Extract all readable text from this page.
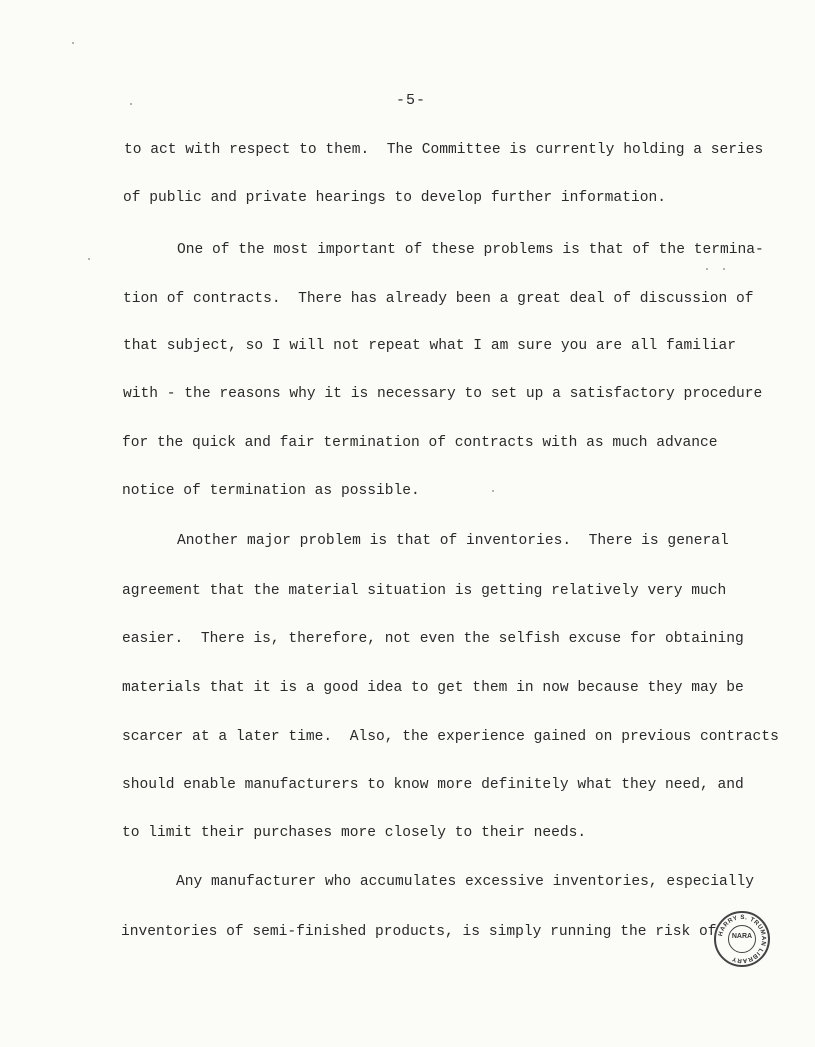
-5-
to act with respect to them.  The Committee is currently holding a series
of public and private hearings to develop further information.
One of the most important of these problems is that of the termina-
tion of contracts.  There has already been a great deal of discussion of
that subject, so I will not repeat what I am sure you are all familiar
with - the reasons why it is necessary to set up a satisfactory procedure
for the quick and fair termination of contracts with as much advance
notice of termination as possible.
Another major problem is that of inventories.  There is general
agreement that the material situation is getting relatively very much
easier.  There is, therefore, not even the selfish excuse for obtaining
materials that it is a good idea to get them in now because they may be
scarcer at a later time.  Also, the experience gained on previous contracts
should enable manufacturers to know more definitely what they need, and
to limit their purchases more closely to their needs.
Any manufacturer who accumulates excessive inventories, especially
inventories of semi-finished products, is simply running the risk of HARRY S. TRUMAN LIBRARY
NARA
